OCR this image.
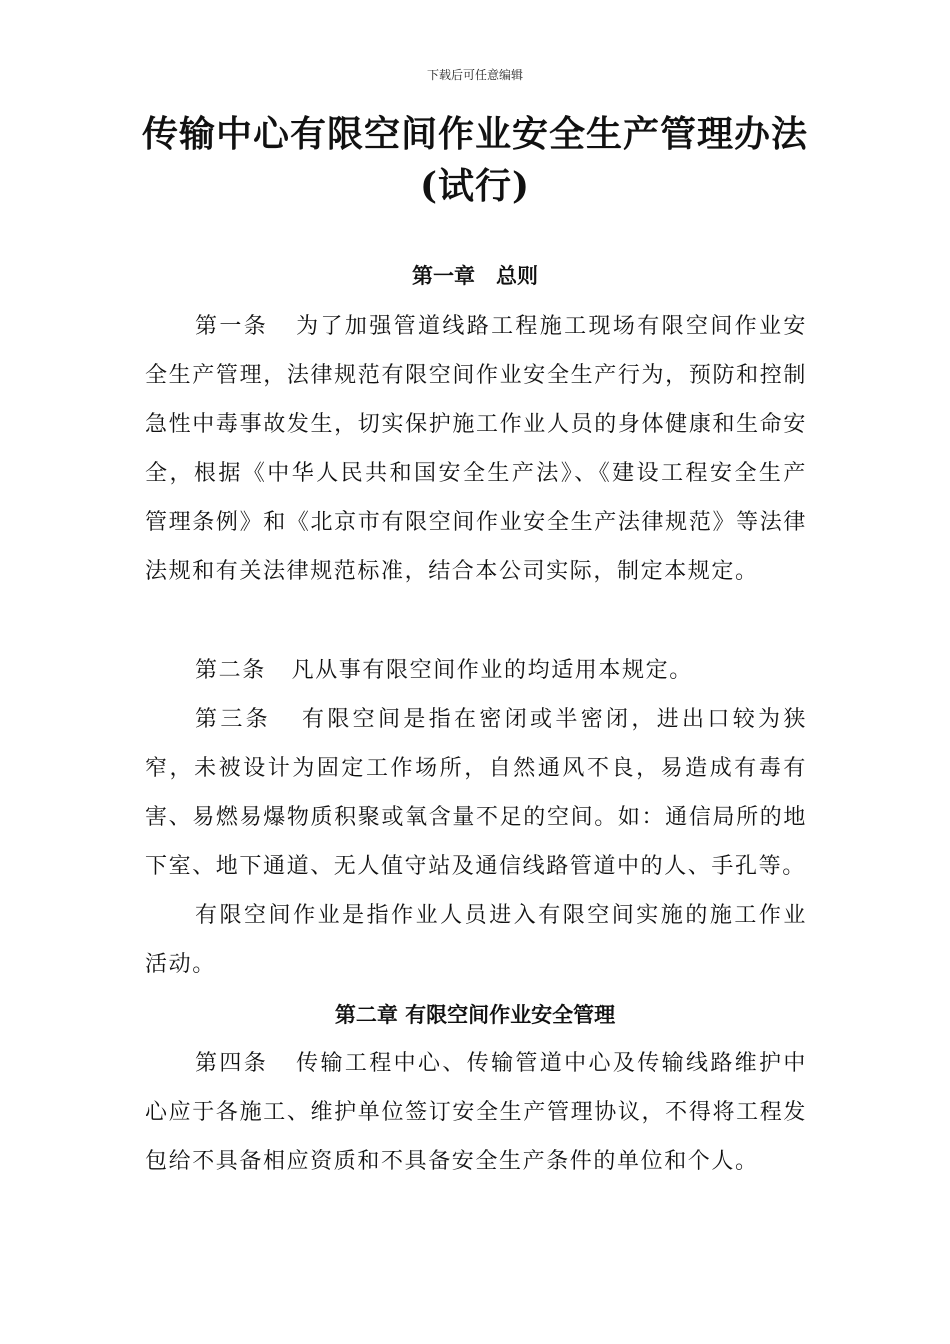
下载后可任意编辑
传输中心有限空间作业安全生产管理办法
(试行)
第一章　总则

第一条 为了加强管道线路工程施工现场有限空间作业安全生产管理，法律规范有限空间作业安全生产行为，预防和控制急性中毒事故发生，切实保护施工作业人员的身体健康和生命安全，根据《中华人民共和国安全生产法》、《建设工程安全生产管理条例》和《北京市有限空间作业安全生产法律规范》等法律法规和有关法律规范标准，结合本公司实际，制定本规定。

第二条 凡从事有限空间作业的均适用本规定。

第三条 有限空间是指在密闭或半密闭，进出口较为狭窄，未被设计为固定工作场所，自然通风不良，易造成有毒有害、易燃易爆物质积聚或氧含量不足的空间。如：通信局所的地下室、地下通道、无人值守站及通信线路管道中的人、手孔等。

有限空间作业是指作业人员进入有限空间实施的施工作业活动。

第二章 有限空间作业安全管理

第四条 传输工程中心、传输管道中心及传输线路维护中心应于各施工、维护单位签订安全生产管理协议，不得将工程发包给不具备相应资质和不具备安全生产条件的单位和个人。
